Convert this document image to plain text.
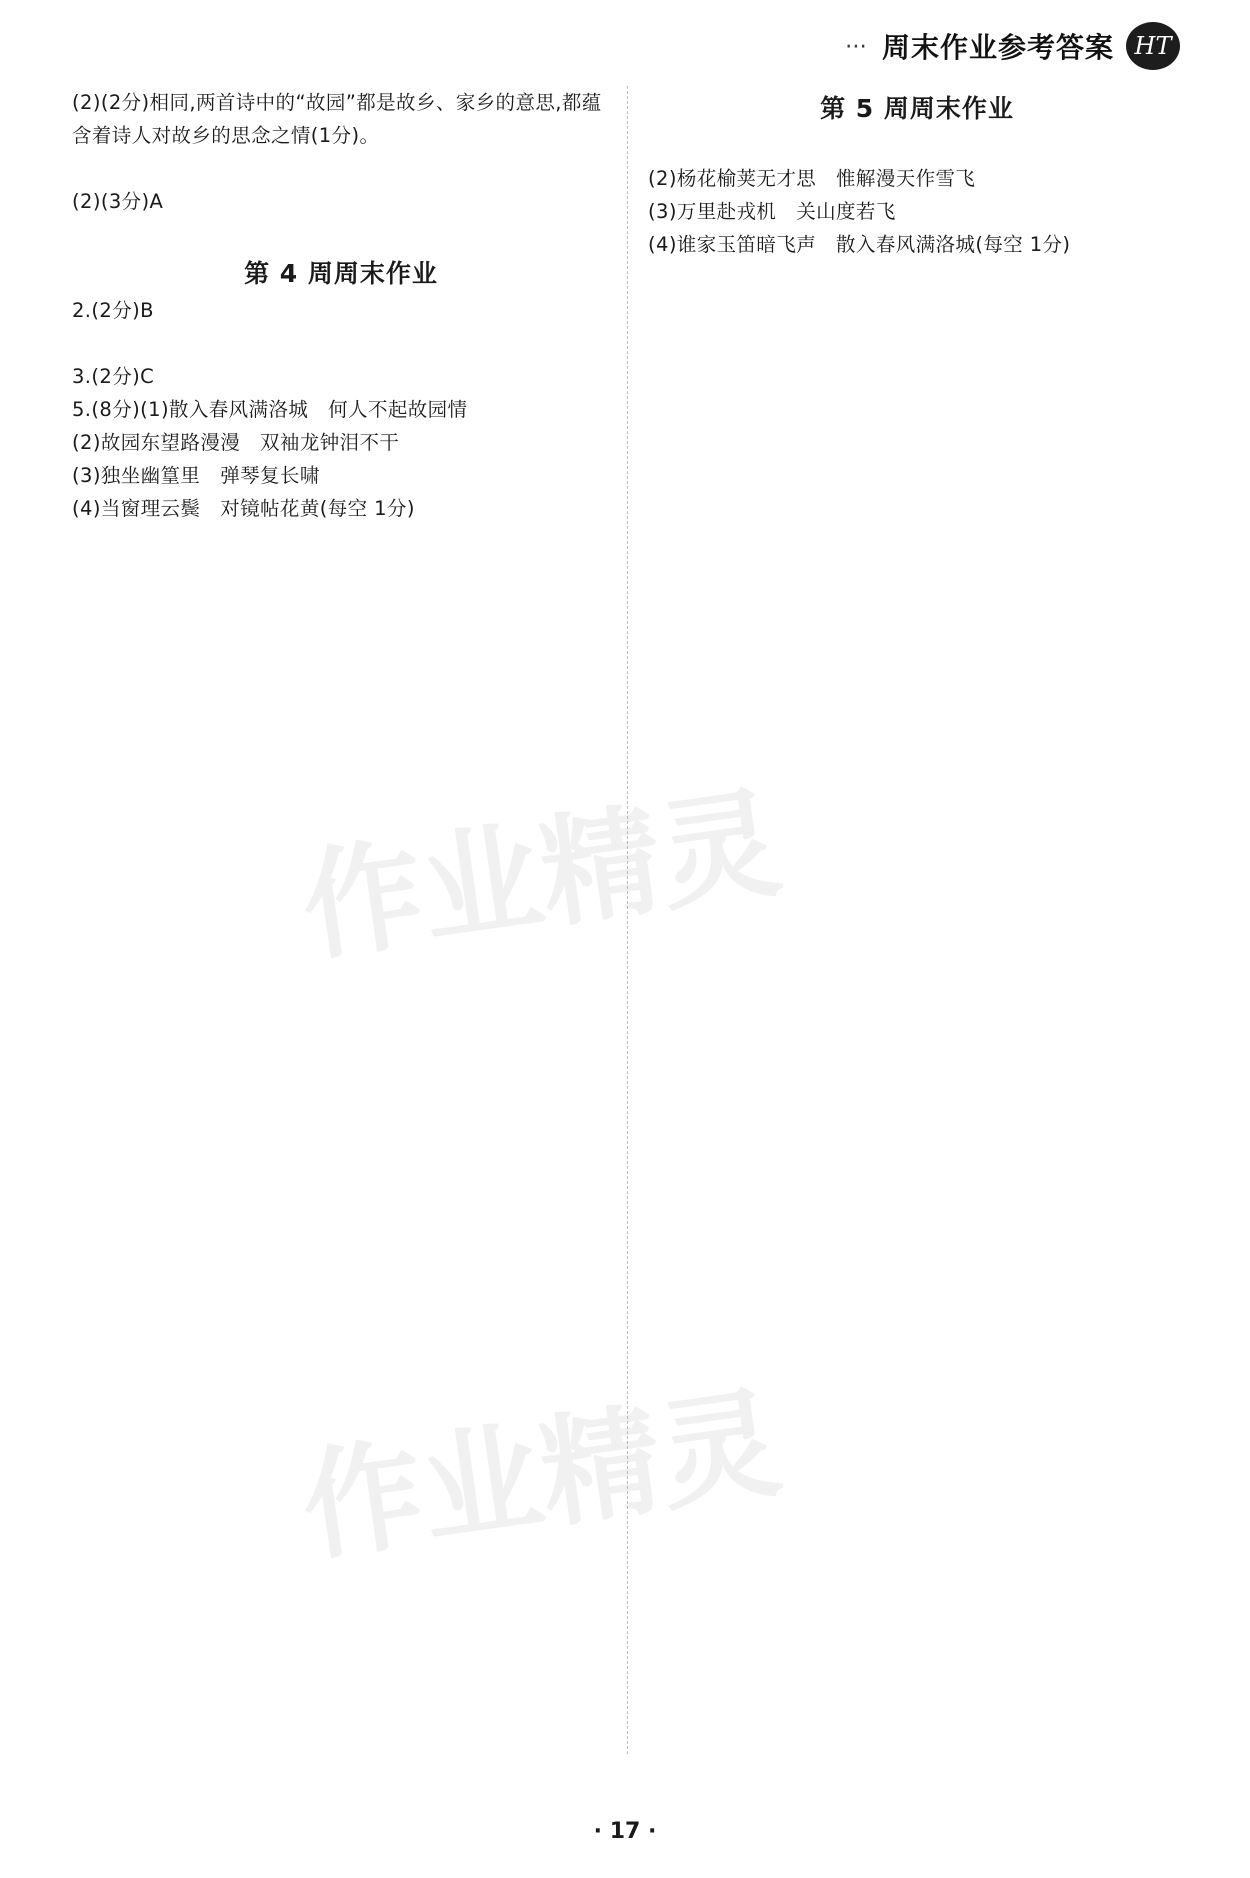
⋯ 周末作业参考答案 HT
(2)(2分)相同,两首诗中的“故园”都是故乡、家乡的意思,都蕴含着诗人对故乡的思念之情(1分)。
(2)(3分)A
第 4 周周末作业
2.(2分)B
3.(2分)C
5.(8分)(1)散入春风满洛城　何人不起故园情
(2)故园东望路漫漫　双袖龙钟泪不干
(3)独坐幽篁里　弹琴复长啸
(4)当窗理云鬓　对镜帖花黄(每空 1分)
第 5 周周末作业
(2)杨花榆荚无才思　惟解漫天作雪飞
(3)万里赴戎机　关山度若飞
(4)谁家玉笛暗飞声　散入春风满洛城(每空 1分)
作业精灵
作业精灵
· 17 ·
